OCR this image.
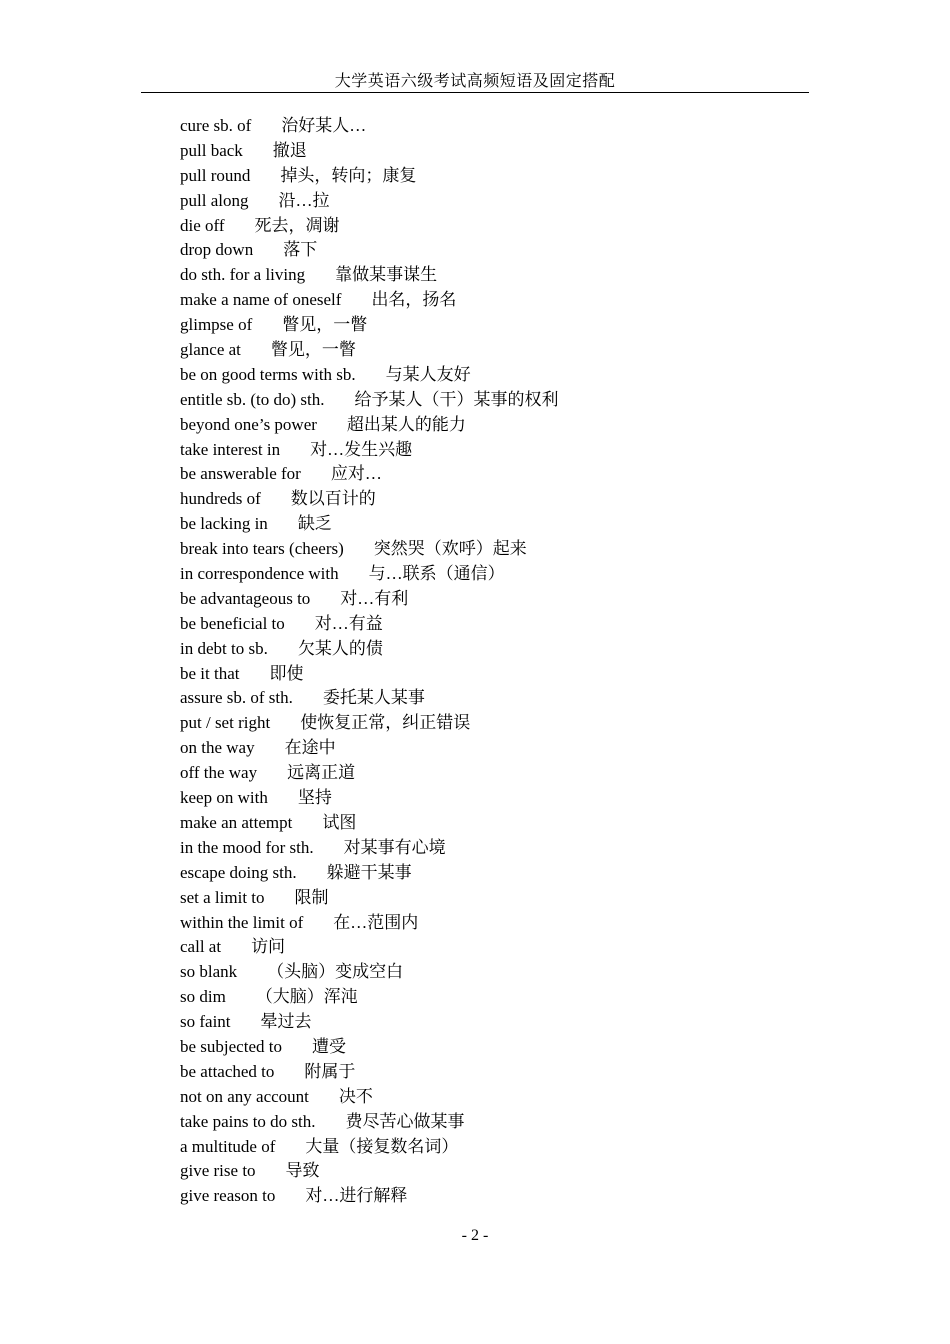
大学英语六级考试高频短语及固定搭配
cure sb. of 治好某人…
pull back 撤退
pull round 掉头，转向；康复
pull along 沿…拉
die off 死去，凋谢
drop down 落下
do sth. for a living 靠做某事谋生
make a name of oneself 出名，扬名
glimpse of 瞥见，一瞥
glance at 瞥见，一瞥
be on good terms with sb. 与某人友好
entitle sb. (to do) sth. 给予某人（干）某事的权利
beyond one’s power 超出某人的能力
take interest in 对…发生兴趣
be answerable for 应对…
hundreds of 数以百计的
be lacking in 缺乏
break into tears (cheers) 突然哭（欢呼）起来
in correspondence with 与…联系（通信）
be advantageous to 对…有利
be beneficial to 对…有益
in debt to sb. 欠某人的债
be it that 即使
assure sb. of sth. 委托某人某事
put / set right 使恢复正常，纠正错误
on the way 在途中
off the way 远离正道
keep on with 坚持
make an attempt 试图
in the mood for sth. 对某事有心境
escape doing sth. 躲避干某事
set a limit to 限制
within the limit of 在…范围内
call at 访问
so blank （头脑）变成空白
so dim （大脑）浑沌
so faint 晕过去
be subjected to 遭受
be attached to 附属于
not on any account 决不
take pains to do sth. 费尽苦心做某事
a multitude of 大量（接复数名词）
give rise to 导致
give reason to 对…进行解释
- 2 -
